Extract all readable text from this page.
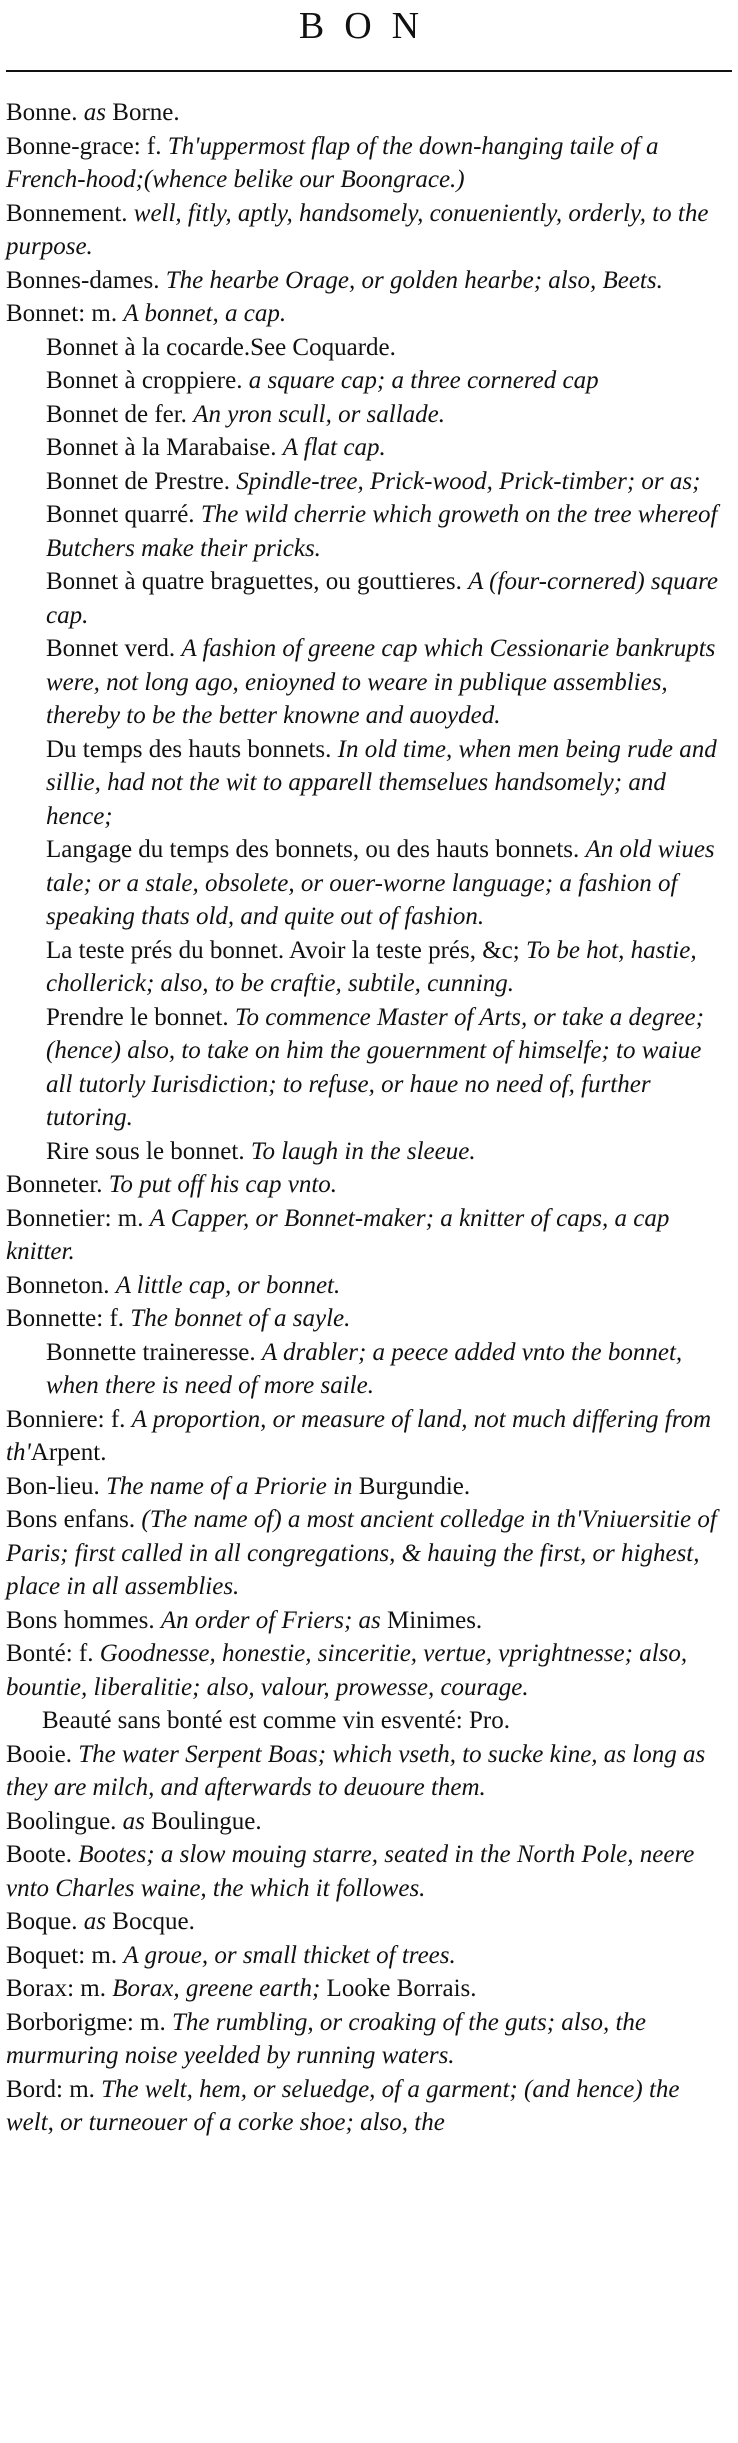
BON

Bonne. as Borne.

Bonne-grace: f. Th'uppermost flap of the down-hanging taile of a French-hood;(whence belike our Boongrace.)

Bonnement. well, fitly, aptly, handsomely, conueniently, orderly, to the purpose.

Bonnes-dames. The hearbe Orage, or golden hearbe; also, Beets.

Bonnet: m. A bonnet, a cap.

Bonnet à la cocarde.See Coquarde.

Bonnet à croppiere. a square cap; a three cornered cap

Bonnet de fer. An yron scull, or sallade.

Bonnet à la Marabaise. A flat cap.

Bonnet de Prestre. Spindle-tree, Prick-wood, Prick-timber; or as;

Bonnet quarré. The wild cherrie which groweth on the tree whereof Butchers make their pricks.

Bonnet à quatre braguettes, ou gouttieres. A (four-cornered) square cap.

Bonnet verd. A fashion of greene cap which Cessionarie bankrupts were, not long ago, enioyned to weare in publique assemblies, thereby to be the better knowne and auoyded.

Du temps des hauts bonnets. In old time, when men being rude and sillie, had not the wit to apparell themselues handsomely; and hence;

Langage du temps des bonnets, ou des hauts bonnets. An old wiues tale; or a stale, obsolete, or ouer-worne language; a fashion of speaking thats old, and quite out of fashion.

La teste prés du bonnet. Avoir la teste prés, &c; To be hot, hastie, chollerick; also, to be craftie, subtile, cunning.

Prendre le bonnet. To commence Master of Arts, or take a degree; (hence) also, to take on him the gouernment of himselfe; to waiue all tutorly Iurisdiction; to refuse, or haue no need of, further tutoring.

Rire sous le bonnet. To laugh in the sleeue.

Bonneter. To put off his cap vnto.

Bonnetier: m. A Capper, or Bonnet-maker; a knitter of caps, a cap knitter.

Bonneton. A little cap, or bonnet.

Bonnette: f. The bonnet of a sayle.

Bonnette traineresse. A drabler; a peece added vnto the bonnet, when there is need of more saile.

Bonniere: f. A proportion, or measure of land, not much differing from th'Arpent.

Bon-lieu. The name of a Priorie in Burgundie.

Bons enfans. (The name of) a most ancient colledge in th'Vniuersitie of Paris; first called in all congregations, & hauing the first, or highest, place in all assemblies.

Bons hommes. An order of Friers; as Minimes.

Bonté: f. Goodnesse, honestie, sinceritie, vertue, vprightnesse; also, bountie, liberalitie; also, valour, prowesse, courage.

Beauté sans bonté est comme vin esventé: Pro.

Booie. The water Serpent Boas; which vseth, to sucke kine, as long as they are milch, and afterwards to deuoure them.

Boolingue. as Boulingue.

Boote. Bootes; a slow mouing starre, seated in the North Pole, neere vnto Charles waine, the which it followes.

Boque. as Bocque.

Boquet: m. A groue, or small thicket of trees.

Borax: m. Borax, greene earth; Looke Borrais.

Borborigme: m. The rumbling, or croaking of the guts; also, the murmuring noise yeelded by running waters.

Bord: m. The welt, hem, or seluedge, of a garment; (and hence) the welt, or turneouer of a corke shoe; also, the
